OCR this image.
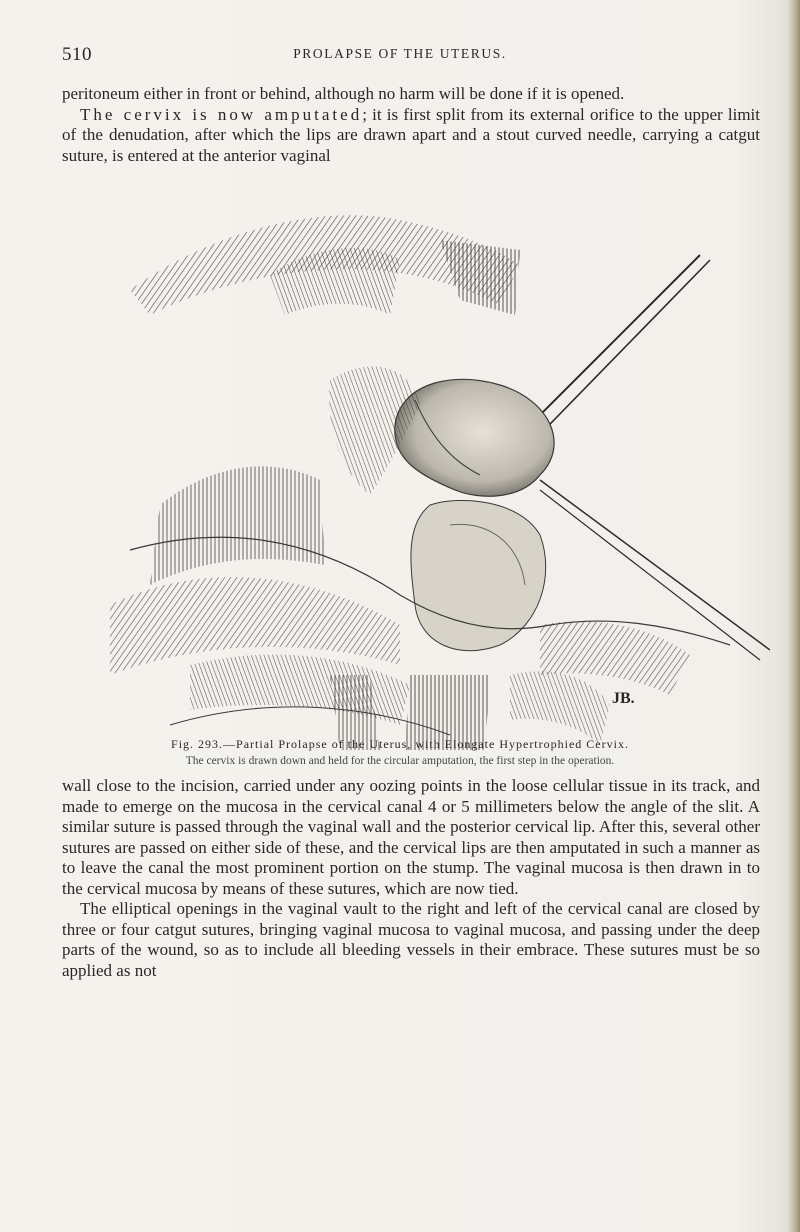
510	PROLAPSE OF THE UTERUS.

peritoneum either in front or behind, although no harm will be done if it is opened.

The cervix is now amputated; it is first split from its external orifice to the upper limit of the denudation, after which the lips are drawn apart and a stout curved needle, carrying a catgut suture, is entered at the anterior vaginal

JB.
Fig. 293.—Partial Prolapse of the Uterus, with Elongate Hypertrophied Cervix.
The cervix is drawn down and held for the circular amputation, the first step in the operation.

wall close to the incision, carried under any oozing points in the loose cellular tissue in its track, and made to emerge on the mucosa in the cervical canal 4 or 5 millimeters below the angle of the slit. A similar suture is passed through the vaginal wall and the posterior cervical lip. After this, several other sutures are passed on either side of these, and the cervical lips are then amputated in such a manner as to leave the canal the most prominent portion on the stump. The vaginal mucosa is then drawn in to the cervical mucosa by means of these sutures, which are now tied.

The elliptical openings in the vaginal vault to the right and left of the cervical canal are closed by three or four catgut sutures, bringing vaginal mucosa to vaginal mucosa, and passing under the deep parts of the wound, so as to include all bleeding vessels in their embrace. These sutures must be so applied as not
